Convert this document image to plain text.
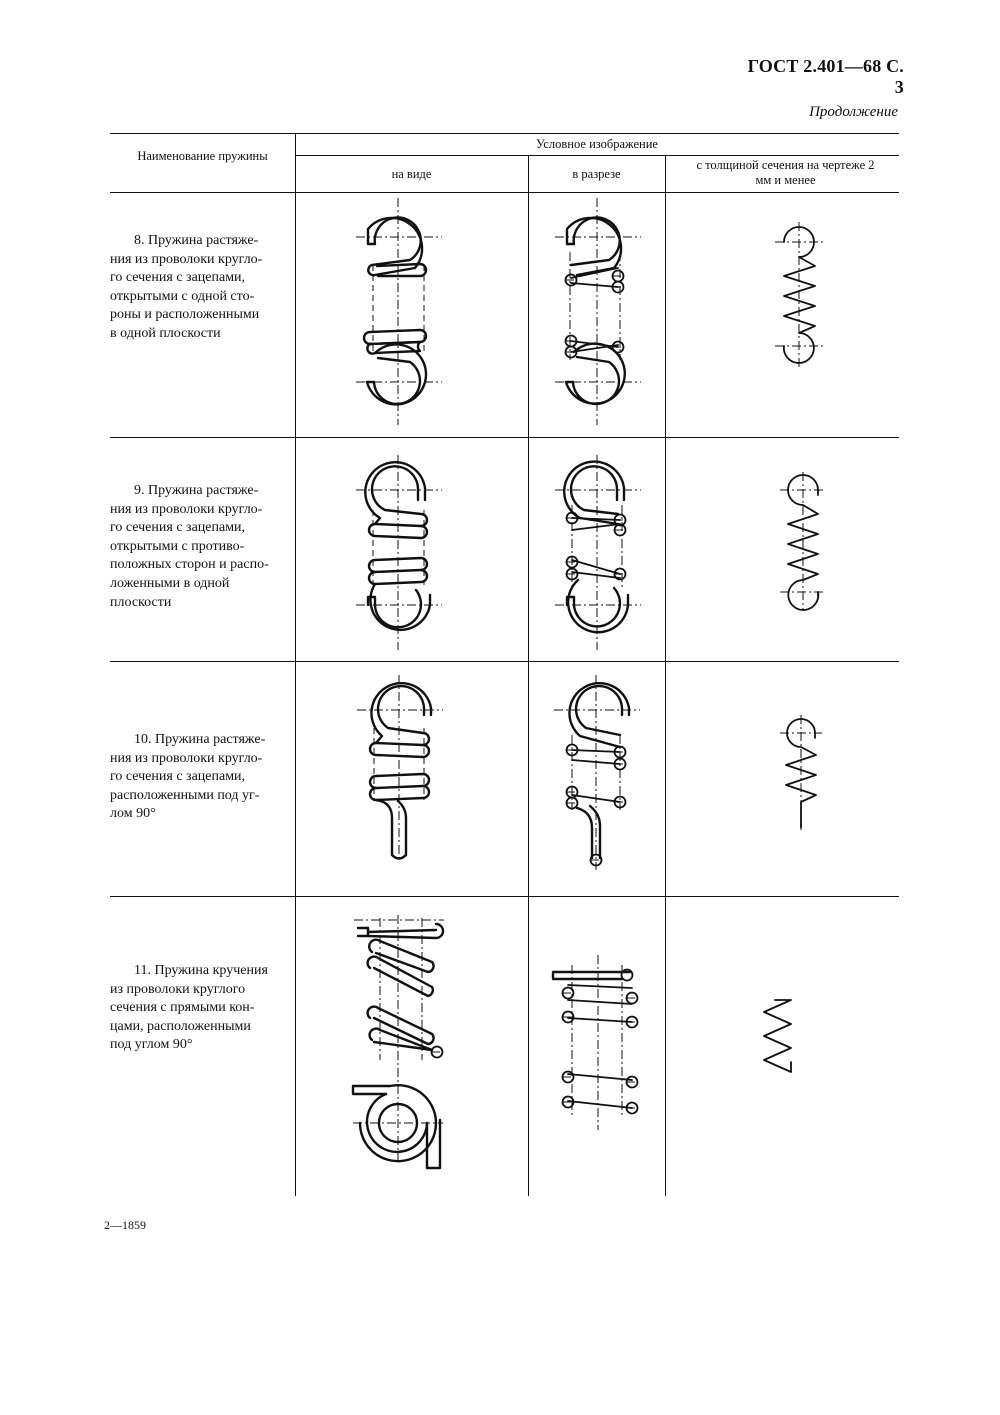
ГОСТ 2.401—68 С. 3
Продолжение
Наименование пружины
Условное изображение
на виде	в разрезе
с толщиной сечения на чертеже 2 мм и менее
8. Пружина растяже-
ния из проволоки кругло-
го сечения с зацепами,
открытыми с одной сто-
роны и расположенными
в одной плоскости
9. Пружина растяже-
ния из проволоки кругло-
го сечения с зацепами,
открытыми с противо-
положных сторон и распо-
ложенными в одной
плоскости
10. Пружина растяже-
ния из проволоки кругло-
го сечения с зацепами,
расположенными под уг-
лом 90°
11. Пружина кручения
из проволоки круглого
сечения с прямыми кон-
цами, расположенными
под углом 90°
2—1859
